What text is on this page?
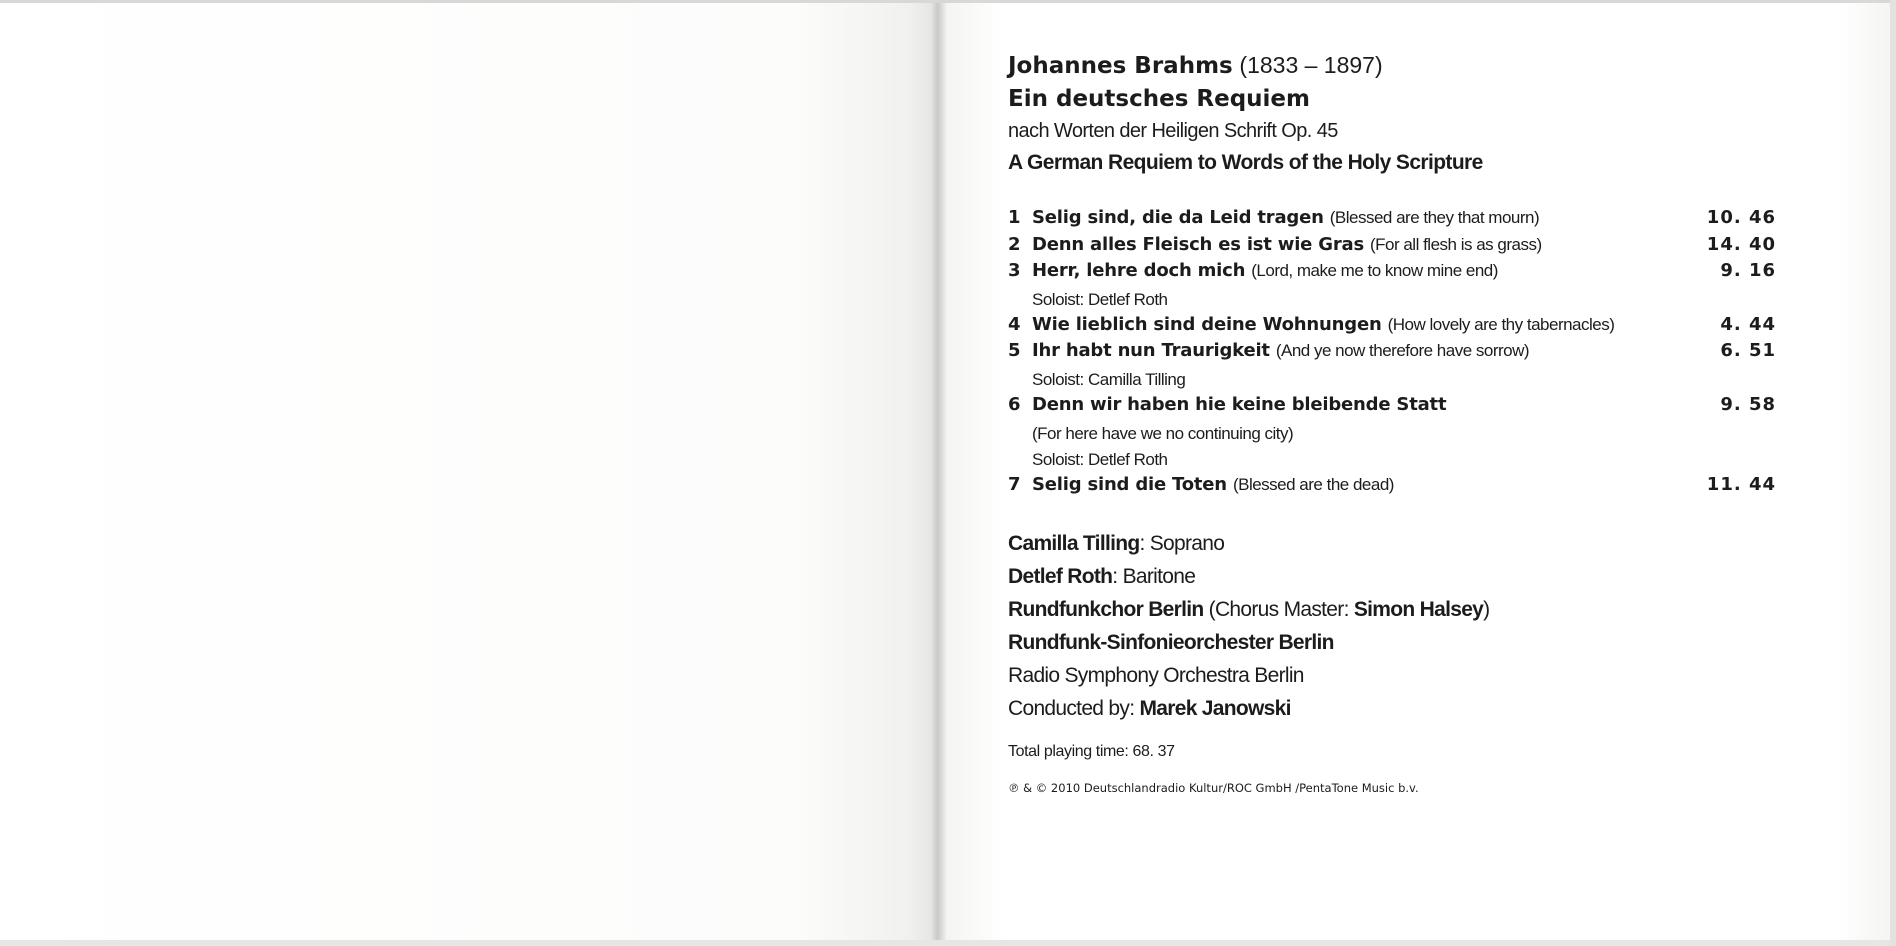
Johannes Brahms (1833 – 1897)
Ein deutsches Requiem
nach Worten der Heiligen Schrift Op. 45
A German Requiem to Words of the Holy Scripture
1 Selig sind, die da Leid tragen (Blessed are they that mourn)	10. 46
2 Denn alles Fleisch es ist wie Gras (For all flesh is as grass)	14. 40
3 Herr, lehre doch mich (Lord, make me to know mine end)	9. 16
Soloist: Detlef Roth
4 Wie lieblich sind deine Wohnungen (How lovely are thy tabernacles)	4. 44
5 Ihr habt nun Traurigkeit (And ye now therefore have sorrow)	6. 51
Soloist: Camilla Tilling
6 Denn wir haben hie keine bleibende Statt	9. 58
(For here have we no continuing city)
Soloist: Detlef Roth
7 Selig sind die Toten (Blessed are the dead)	11. 44
Camilla Tilling: Soprano
Detlef Roth: Baritone
Rundfunkchor Berlin (Chorus Master: Simon Halsey)
Rundfunk-Sinfonieorchester Berlin
Radio Symphony Orchestra Berlin
Conducted by: Marek Janowski
Total playing time: 68. 37
℗ & © 2010 Deutschlandradio Kultur/ROC GmbH /PentaTone Music b.v.
